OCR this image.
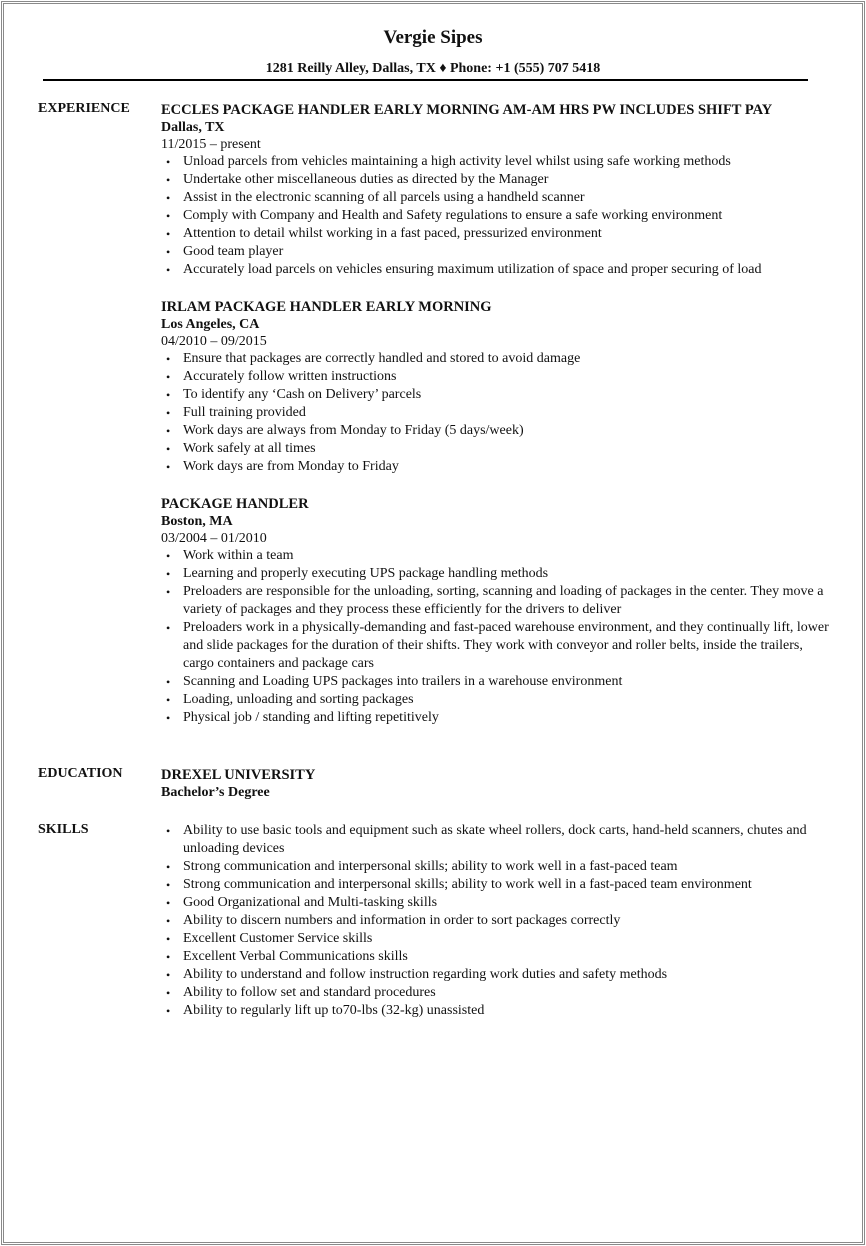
Vergie Sipes
1281 Reilly Alley, Dallas, TX ♦ Phone: +1 (555) 707 5418
EXPERIENCE ECCLES PACKAGE HANDLER EARLY MORNING AM-AM HRS PW INCLUDES SHIFT PAY
Dallas, TX
11/2015 – present
• Unload parcels from vehicles maintaining a high activity level whilst using safe working methods
• Undertake other miscellaneous duties as directed by the Manager
• Assist in the electronic scanning of all parcels using a handheld scanner
• Comply with Company and Health and Safety regulations to ensure a safe working environment
• Attention to detail whilst working in a fast paced, pressurized environment
• Good team player
• Accurately load parcels on vehicles ensuring maximum utilization of space and proper securing of load
IRLAM PACKAGE HANDLER EARLY MORNING
Los Angeles, CA
04/2010 – 09/2015
• Ensure that packages are correctly handled and stored to avoid damage
• Accurately follow written instructions
• To identify any ‘Cash on Delivery’ parcels
• Full training provided
• Work days are always from Monday to Friday (5 days/week)
• Work safely at all times
• Work days are from Monday to Friday
PACKAGE HANDLER
Boston, MA
03/2004 – 01/2010
• Work within a team
• Learning and properly executing UPS package handling methods
• Preloaders are responsible for the unloading, sorting, scanning and loading of packages in the center. They move a variety of packages and they process these efficiently for the drivers to deliver
• Preloaders work in a physically-demanding and fast-paced warehouse environment, and they continually lift, lower and slide packages for the duration of their shifts. They work with conveyor and roller belts, inside the trailers, cargo containers and package cars
• Scanning and Loading UPS packages into trailers in a warehouse environment
• Loading, unloading and sorting packages
• Physical job / standing and lifting repetitively
EDUCATION	DREXEL UNIVERSITY
Bachelor’s Degree
SKILLS	• Ability to use basic tools and equipment such as skate wheel rollers, dock carts, hand-held scanners, chutes and unloading devices
• Strong communication and interpersonal skills; ability to work well in a fast-paced team
• Strong communication and interpersonal skills; ability to work well in a fast-paced team environment
• Good Organizational and Multi-tasking skills
• Ability to discern numbers and information in order to sort packages correctly
• Excellent Customer Service skills
• Excellent Verbal Communications skills
• Ability to understand and follow instruction regarding work duties and safety methods
• Ability to follow set and standard procedures
• Ability to regularly lift up to70-lbs (32-kg) unassisted
